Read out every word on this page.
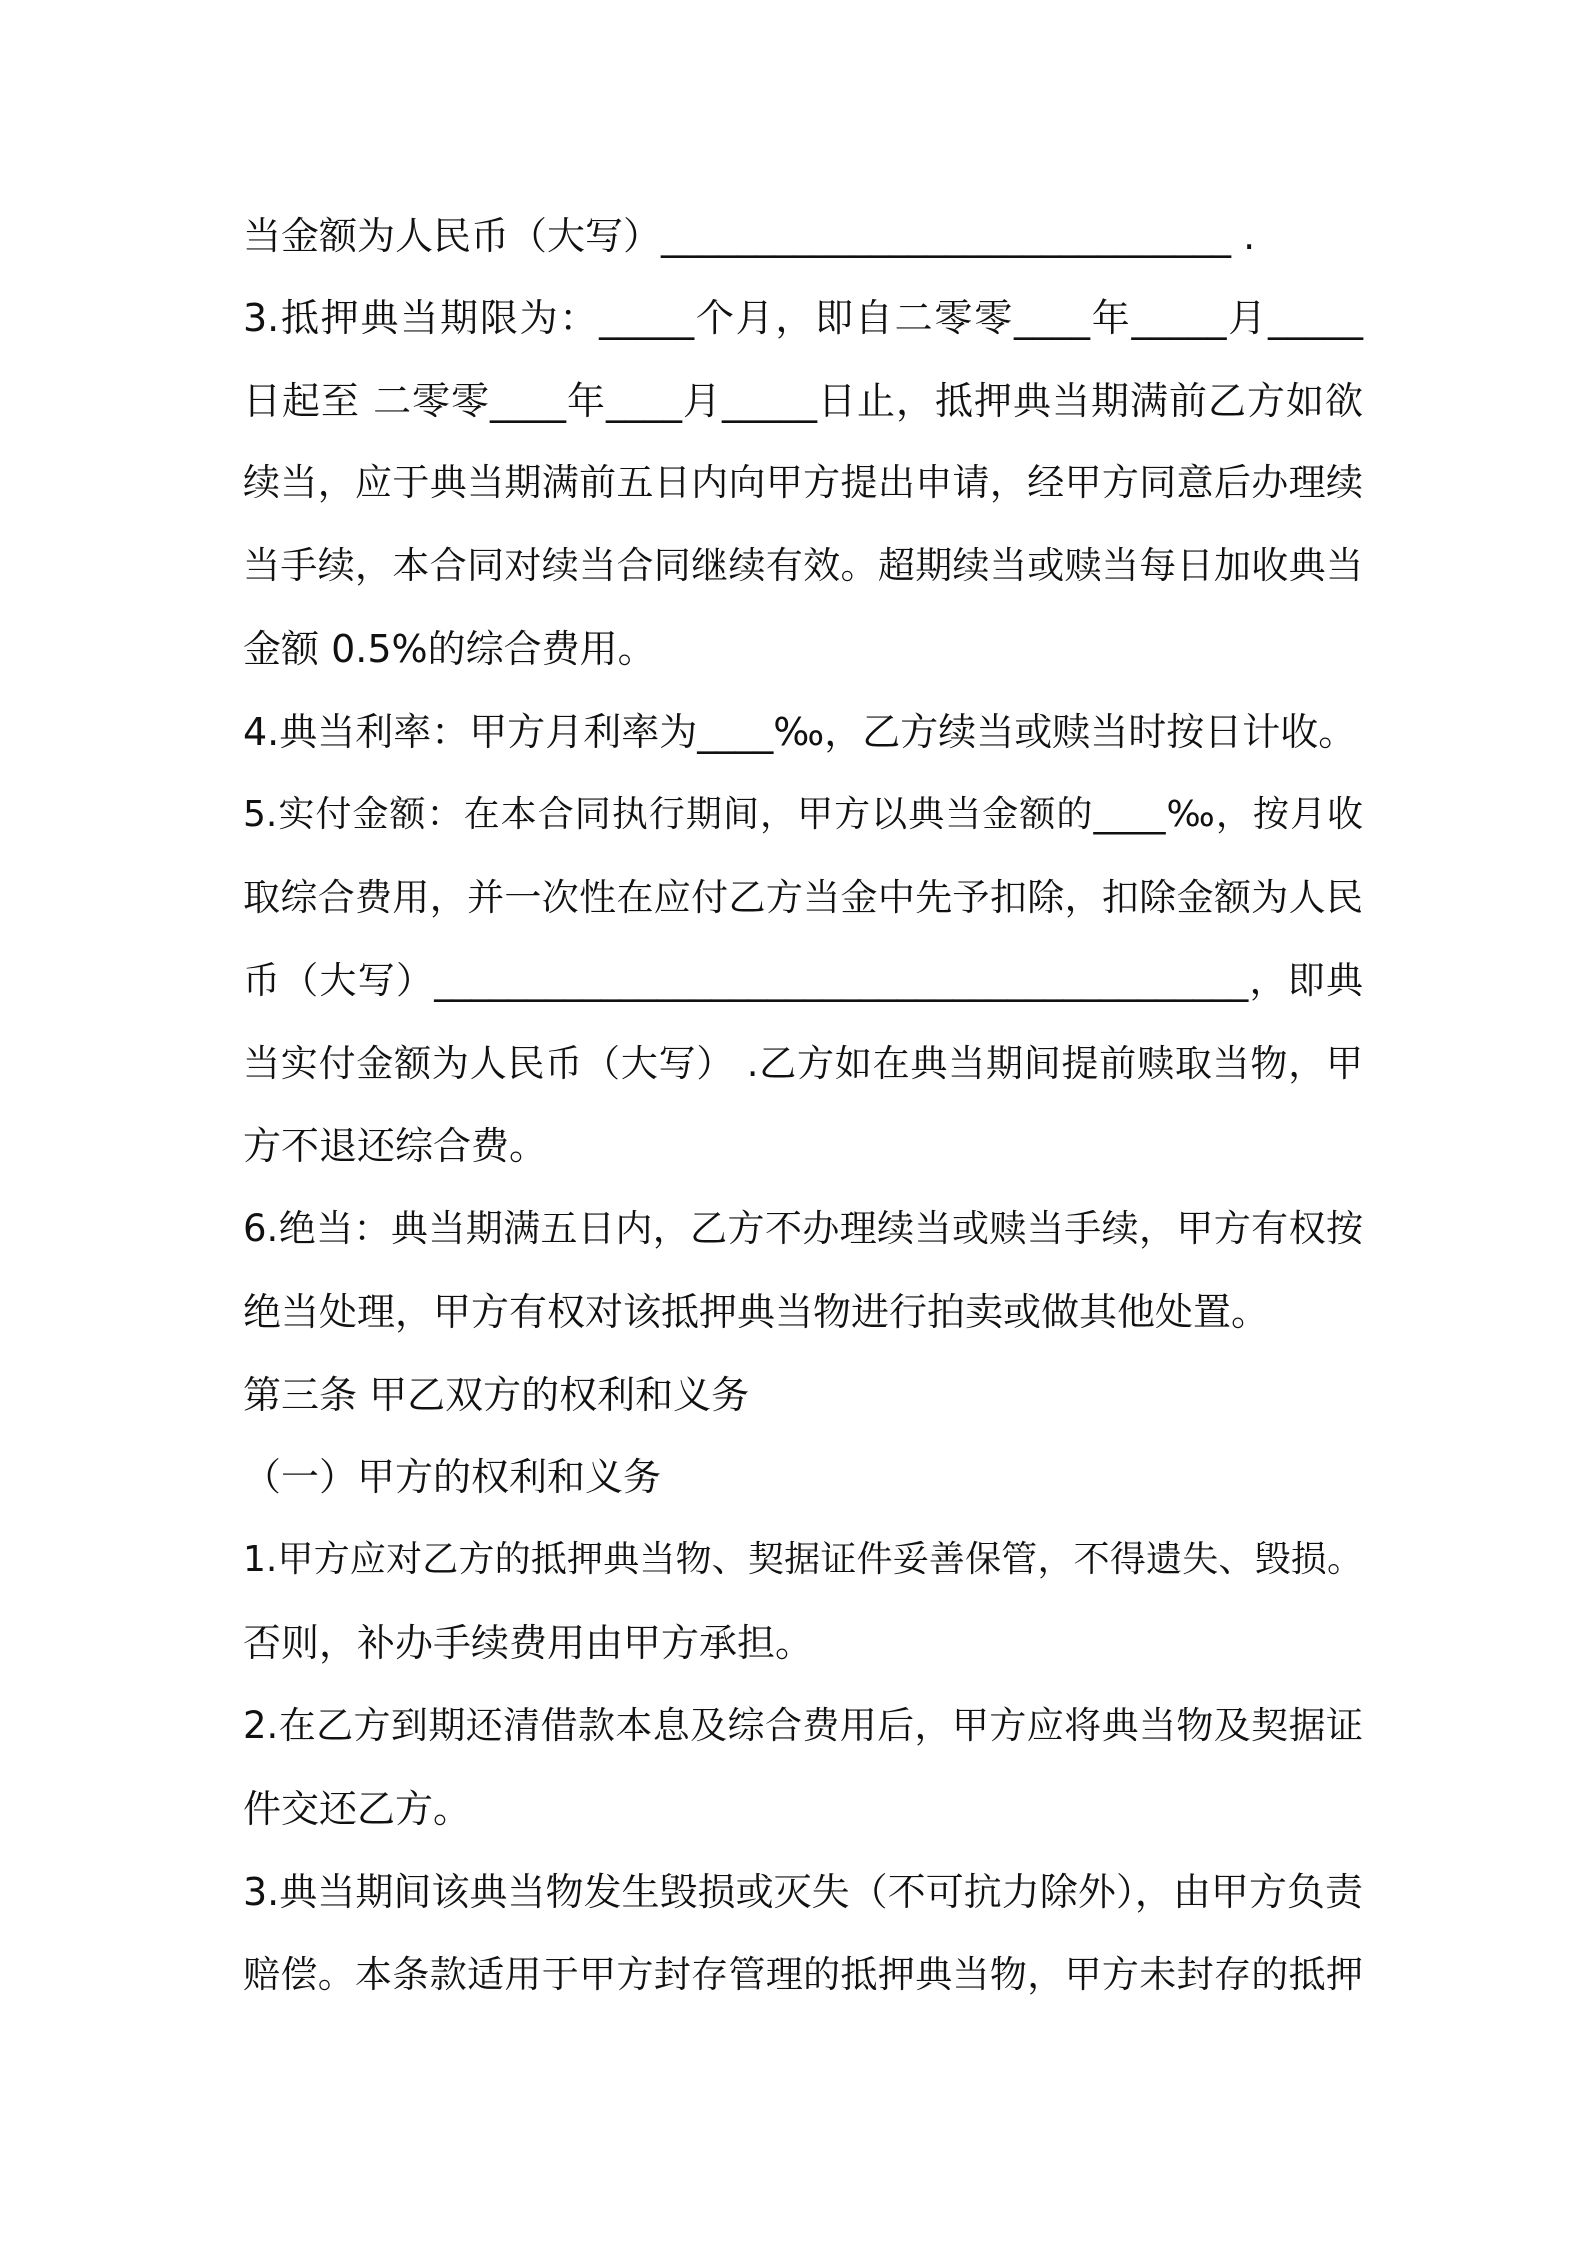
当金额为人民币（大写）______________________________ .
3.抵押典当期限为：_____个月，即自二零零____年_____月_____
日起至 二零零____年____月_____日止，抵押典当期满前乙方如欲
续当，应于典当期满前五日内向甲方提出申请，经甲方同意后办理续
当手续，本合同对续当合同继续有效。超期续当或赎当每日加收典当
金额 0.5%的综合费用。
4.典当利率：甲方月利率为____‰，乙方续当或赎当时按日计收。
5.实付金额：在本合同执行期间，甲方以典当金额的____‰，按月收
取综合费用，并一次性在应付乙方当金中先予扣除，扣除金额为人民
币（大写）____________________________________________，即典
当实付金额为人民币（大写） .乙方如在典当期间提前赎取当物，甲
方不退还综合费。
6.绝当：典当期满五日内，乙方不办理续当或赎当手续，甲方有权按
绝当处理，甲方有权对该抵押典当物进行拍卖或做其他处置。
第三条 甲乙双方的权利和义务
（一）甲方的权利和义务
1.甲方应对乙方的抵押典当物、契据证件妥善保管，不得遗失、毁损。
否则，补办手续费用由甲方承担。
2.在乙方到期还清借款本息及综合费用后，甲方应将典当物及契据证
件交还乙方。
3.典当期间该典当物发生毁损或灭失（不可抗力除外），由甲方负责
赔偿。本条款适用于甲方封存管理的抵押典当物，甲方未封存的抵押
